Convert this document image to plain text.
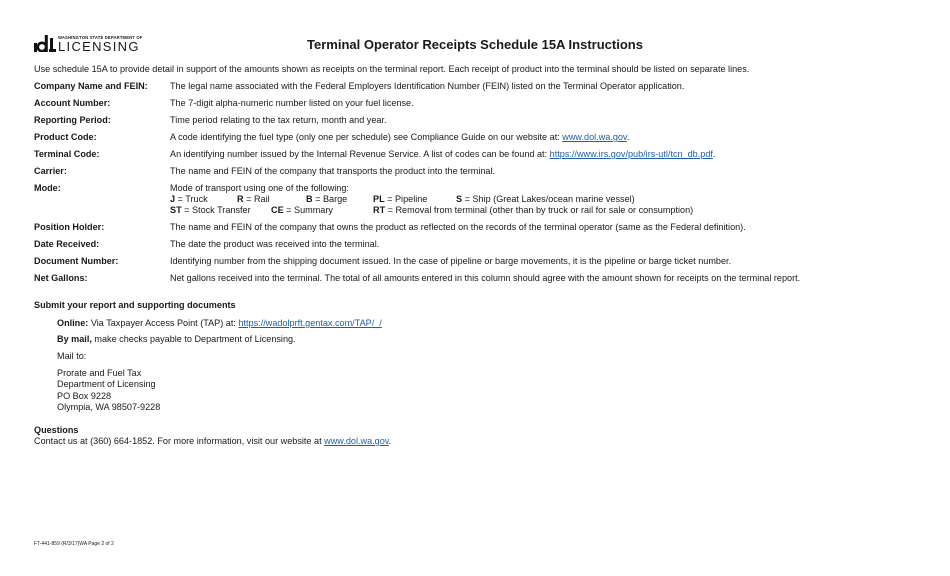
WASHINGTON STATE DEPARTMENT OF
LICENSING	Terminal Operator Receipts Schedule 15A Instructions
Use schedule 15A to provide detail in support of the amounts shown as receipts on the terminal report. Each receipt of product into the terminal should be listed on separate lines.
Company Name and FEIN: The legal name associated with the Federal Employers Identification Number (FEIN) listed on the Terminal Operator application.
Account Number:	The 7-digit alpha-numeric number listed on your fuel license.
Reporting Period:	Time period relating to the tax return, month and year.
Product Code:	A code identifying the fuel type (only one per schedule) see Compliance Guide on our website at: www.dol.wa.gov.
Terminal Code:	An identifying number issued by the Internal Revenue Service. A list of codes can be found at: https://www.irs.gov/pub/irs-utl/tcn_db.pdf.
Carrier:	The name and FEIN of the company that transports the product into the terminal.
Mode:	Mode of transport using one of the following:
J = Truck	R = Rail	B = Barge	PL = Pipeline	S = Ship (Great Lakes/ocean marine vessel)
ST = Stock Transfer CE = Summary	RT = Removal from terminal (other than by truck or rail for sale or consumption)
Position Holder:	The name and FEIN of the company that owns the product as reflected on the records of the terminal operator (same as the Federal definition).
Date Received:	The date the product was received into the terminal.
Document Number:	Identifying number from the shipping document issued. In the case of pipeline or barge movements, it is the pipeline or barge ticket number.
Net Gallons:	Net gallons received into the terminal. The total of all amounts entered in this column should agree with the amount shown for receipts on the terminal report.
Submit your report and supporting documents
Online: Via Taxpayer Access Point (TAP) at: https://wadolprft.gentax.com/TAP/_/
By mail, make checks payable to Department of Licensing.
Mail to:
Prorate and Fuel Tax
Department of Licensing
PO Box 9228
Olympia, WA 98507-9228
Questions
Contact us at (360) 664-1852. For more information, visit our website at www.dol.wa.gov.
FT-441-859 (R/3/17)WA Page 2 of 2
